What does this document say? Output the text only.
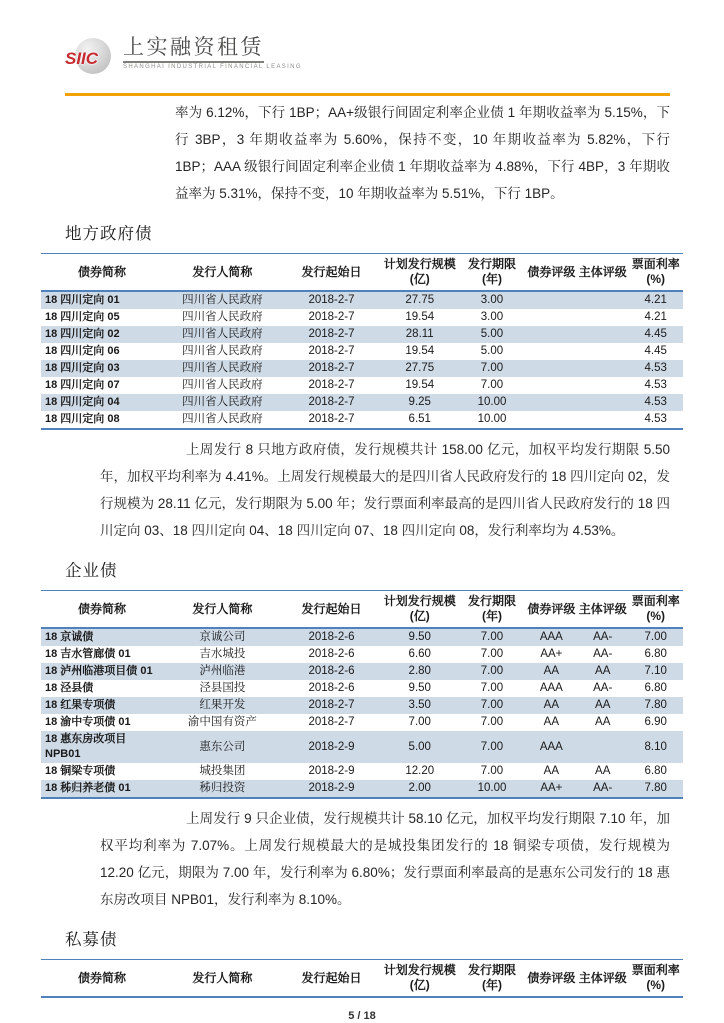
SIIC	上实融资租赁
SHANGHAI INDUSTRIAL FINANCIAL LEASING

率为 6.12%，下行 1BP；AA+级银行间固定利率企业债 1 年期收益率为 5.15%，下行 3BP，3 年期收益率为 5.60%，保持不变，10 年期收益率为 5.82%，下行 1BP；AAA 级银行间固定利率企业债 1 年期收益率为 4.88%，下行 4BP，3 年期收益率为 5.31%，保持不变，10 年期收益率为 5.51%，下行 1BP。

地方政府债
债券简称	发行人简称	发行起始日	计划发行规模(亿)	发行期限(年)	债券评级	主体评级	票面利率(%)
18 四川定向 01	四川省人民政府	2018-2-7	27.75	3.00			4.21
18 四川定向 05	四川省人民政府	2018-2-7	19.54	3.00			4.21
18 四川定向 02	四川省人民政府	2018-2-7	28.11	5.00			4.45
18 四川定向 06	四川省人民政府	2018-2-7	19.54	5.00			4.45
18 四川定向 03	四川省人民政府	2018-2-7	27.75	7.00			4.53
18 四川定向 07	四川省人民政府	2018-2-7	19.54	7.00			4.53
18 四川定向 04	四川省人民政府	2018-2-7	9.25	10.00			4.53
18 四川定向 08	四川省人民政府	2018-2-7	6.51	10.00			4.53

上周发行 8 只地方政府债，发行规模共计 158.00 亿元，加权平均发行期限 5.50 年，加权平均利率为 4.41%。上周发行规模最大的是四川省人民政府发行的 18 四川定向 02，发行规模为 28.11 亿元，发行期限为 5.00 年；发行票面利率最高的是四川省人民政府发行的 18 四川定向 03、18 四川定向 04、18 四川定向 07、18 四川定向 08，发行利率均为 4.53%。

企业债
债券简称	发行人简称	发行起始日	计划发行规模(亿)	发行期限(年)	债券评级	主体评级	票面利率(%)
18 京诚债	京诚公司	2018-2-6	9.50	7.00	AAA	AA-	7.00
18 吉水管廊债 01	吉水城投	2018-2-6	6.60	7.00	AA+	AA-	6.80
18 泸州临港项目债 01	泸州临港	2018-2-6	2.80	7.00	AA	AA	7.10
18 泾县债	泾县国投	2018-2-6	9.50	7.00	AAA	AA-	6.80
18 红果专项债	红果开发	2018-2-7	3.50	7.00	AA	AA	7.80
18 渝中专项债 01	渝中国有资产	2018-2-7	7.00	7.00	AA	AA	6.90
18 惠东房改项目 NPB01	惠东公司	2018-2-9	5.00	7.00	AAA		8.10
18 铜梁专项债	城投集团	2018-2-9	12.20	7.00	AA	AA	6.80
18 秭归养老债 01	秭归投资	2018-2-9	2.00	10.00	AA+	AA-	7.80

上周发行 9 只企业债，发行规模共计 58.10 亿元，加权平均发行期限 7.10 年，加权平均利率为 7.07%。上周发行规模最大的是城投集团发行的 18 铜梁专项债，发行规模为 12.20 亿元，期限为 7.00 年，发行利率为 6.80%；发行票面利率最高的是惠东公司发行的 18 惠东房改项目 NPB01，发行利率为 8.10%。

私募债
债券简称	发行人简称	发行起始日	计划发行规模(亿)	发行期限(年)	债券评级	主体评级	票面利率(%)
5 / 18
